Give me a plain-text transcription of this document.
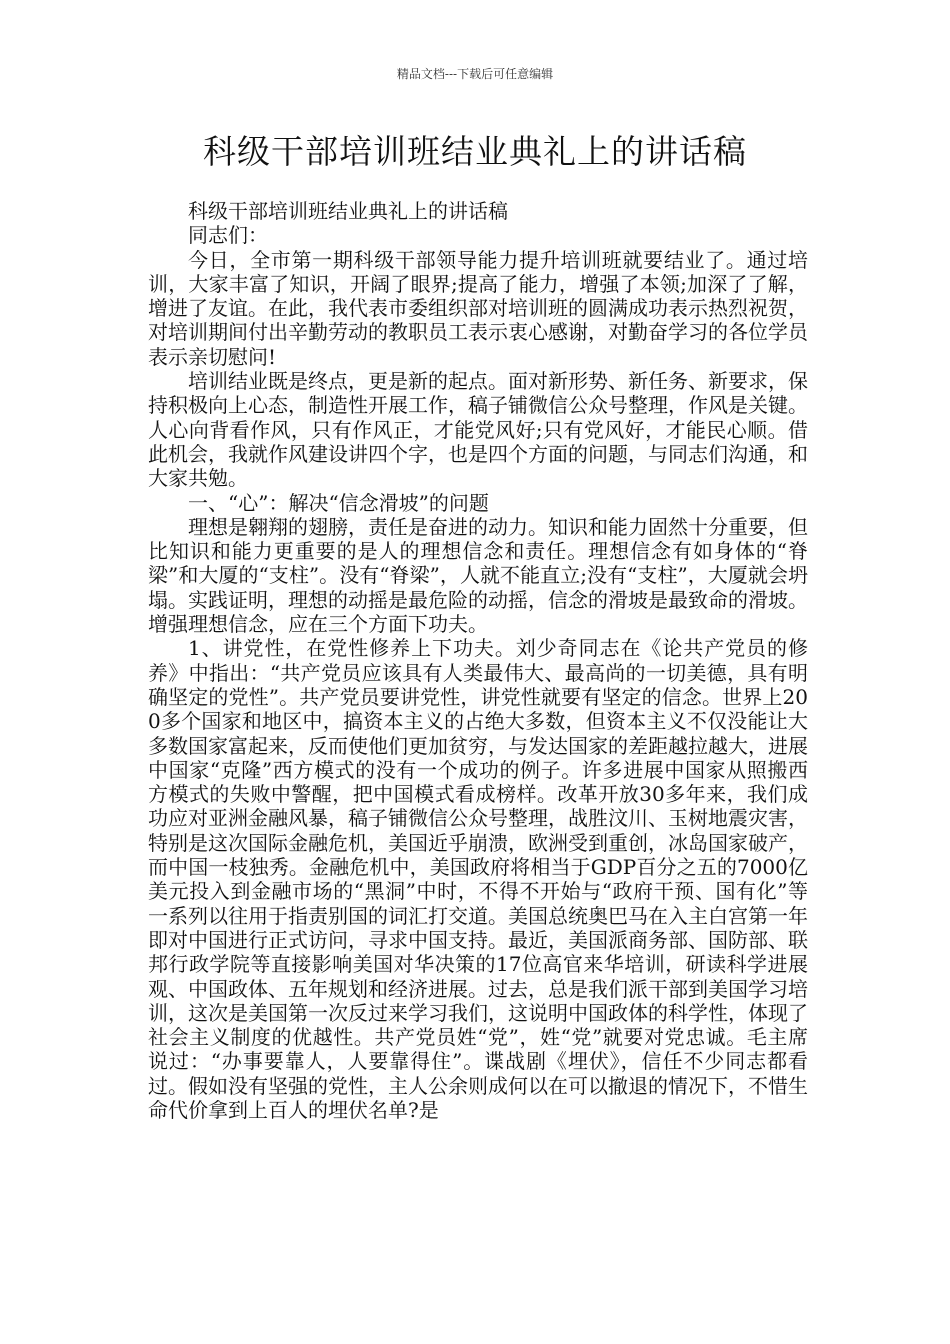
精品文档---下载后可任意编辑
科级干部培训班结业典礼上的讲话稿

科级干部培训班结业典礼上的讲话稿

同志们：

今日，全市第一期科级干部领导能力提升培训班就要结业了。通过培训，大家丰富了知识，开阔了眼界;提高了能力，增强了本领;加深了了解，增进了友谊。在此，我代表市委组织部对培训班的圆满成功表示热烈祝贺，对培训期间付出辛勤劳动的教职员工表示衷心感谢，对勤奋学习的各位学员表示亲切慰问!

培训结业既是终点，更是新的起点。面对新形势、新任务、新要求，保持积极向上心态，制造性开展工作，稿子铺微信公众号整理，作风是关键。人心向背看作风，只有作风正，才能党风好;只有党风好，才能民心顺。借此机会，我就作风建设讲四个字，也是四个方面的问题，与同志们沟通，和大家共勉。

一、“心”：解决“信念滑坡”的问题

理想是翱翔的翅膀，责任是奋进的动力。知识和能力固然十分重要，但比知识和能力更重要的是人的理想信念和责任。理想信念有如身体的“脊梁”和大厦的“支柱”。没有“脊梁”，人就不能直立;没有“支柱”，大厦就会坍塌。实践证明，理想的动摇是最危险的动摇，信念的滑坡是最致命的滑坡。增强理想信念，应在三个方面下功夫。

1、讲党性，在党性修养上下功夫。刘少奇同志在《论共产党员的修养》中指出：“共产党员应该具有人类最伟大、最高尚的一切美德，具有明确坚定的党性”。共产党员要讲党性，讲党性就要有坚定的信念。世界上200多个国家和地区中，搞资本主义的占绝大多数，但资本主义不仅没能让大多数国家富起来，反而使他们更加贫穷，与发达国家的差距越拉越大，进展中国家“克隆”西方模式的没有一个成功的例子。许多进展中国家从照搬西方模式的失败中警醒，把中国模式看成榜样。改革开放30多年来，我们成功应对亚洲金融风暴，稿子铺微信公众号整理，战胜汶川、玉树地震灾害，特别是这次国际金融危机，美国近乎崩溃，欧洲受到重创，冰岛国家破产，而中国一枝独秀。金融危机中，美国政府将相当于GDP百分之五的7000亿美元投入到金融市场的“黑洞”中时，不得不开始与“政府干预、国有化”等一系列以往用于指责别国的词汇打交道。美国总统奥巴马在入主白宫第一年即对中国进行正式访问，寻求中国支持。最近，美国派商务部、国防部、联邦行政学院等直接影响美国对华决策的17位高官来华培训，研读科学进展观、中国政体、五年规划和经济进展。过去，总是我们派干部到美国学习培训，这次是美国第一次反过来学习我们，这说明中国政体的科学性，体现了社会主义制度的优越性。共产党员姓“党”，姓“党”就要对党忠诚。毛主席说过：“办事要靠人，人要靠得住”。谍战剧《埋伏》，信任不少同志都看过。假如没有坚强的党性，主人公余则成何以在可以撤退的情况下，不惜生命代价拿到上百人的埋伏名单?是
